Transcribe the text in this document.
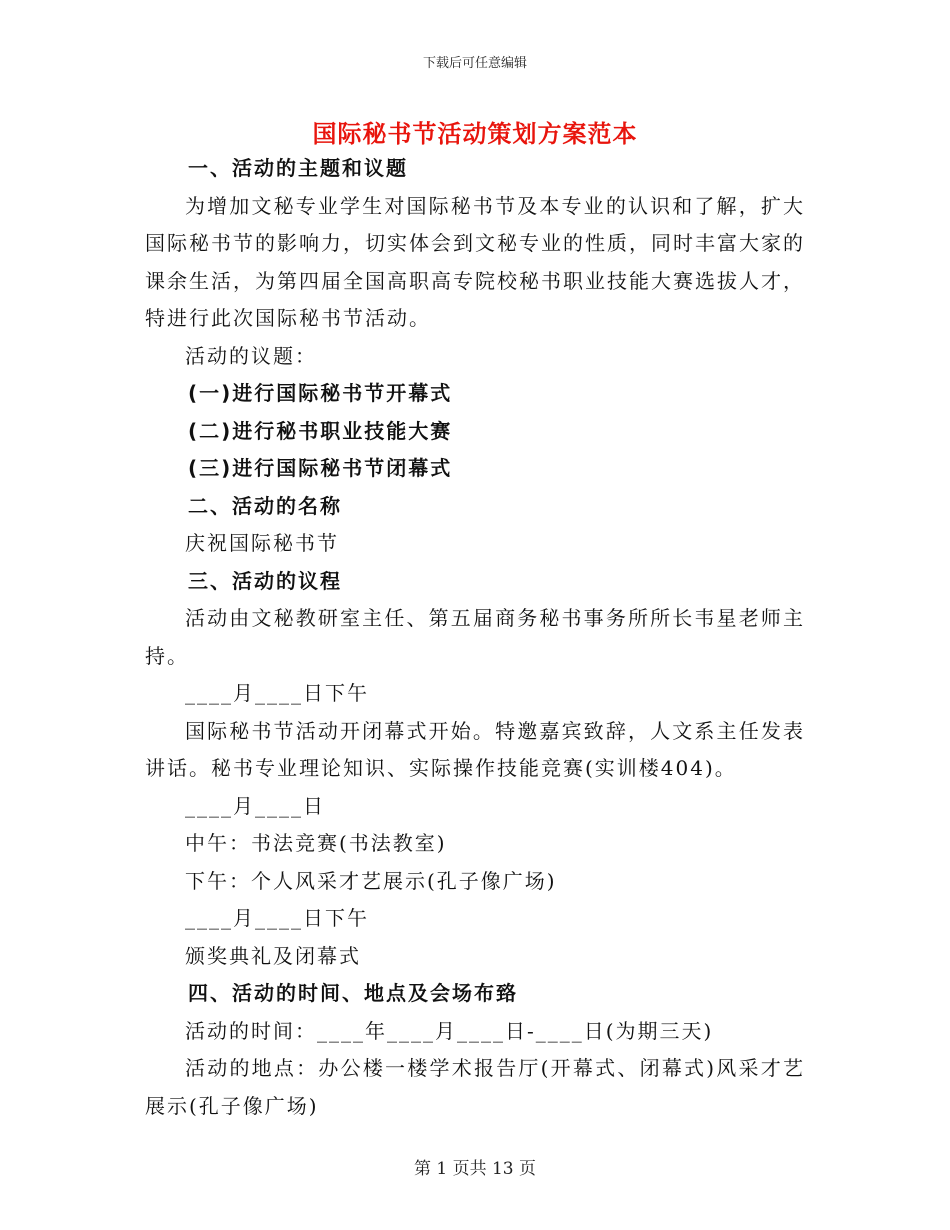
下载后可任意编辑
国际秘书节活动策划方案范本

一、活动的主题和议题

为增加文秘专业学生对国际秘书节及本专业的认识和了解，扩大国际秘书节的影响力，切实体会到文秘专业的性质，同时丰富大家的课余生活，为第四届全国高职高专院校秘书职业技能大赛选拔人才，特进行此次国际秘书节活动。

活动的议题：

(一)进行国际秘书节开幕式

(二)进行秘书职业技能大赛

(三)进行国际秘书节闭幕式

二、活动的名称

庆祝国际秘书节

三、活动的议程

活动由文秘教研室主任、第五届商务秘书事务所所长韦星老师主持。

____月____日下午

国际秘书节活动开闭幕式开始。特邀嘉宾致辞，人文系主任发表讲话。秘书专业理论知识、实际操作技能竞赛(实训楼404)。

____月____日

中午：书法竞赛(书法教室)

下午：个人风采才艺展示(孔子像广场)

____月____日下午

颁奖典礼及闭幕式

四、活动的时间、地点及会场布臵

活动的时间：____年____月____日-____日(为期三天)

活动的地点：办公楼一楼学术报告厅(开幕式、闭幕式)风采才艺展示(孔子像广场)

第 1 页共 13 页
